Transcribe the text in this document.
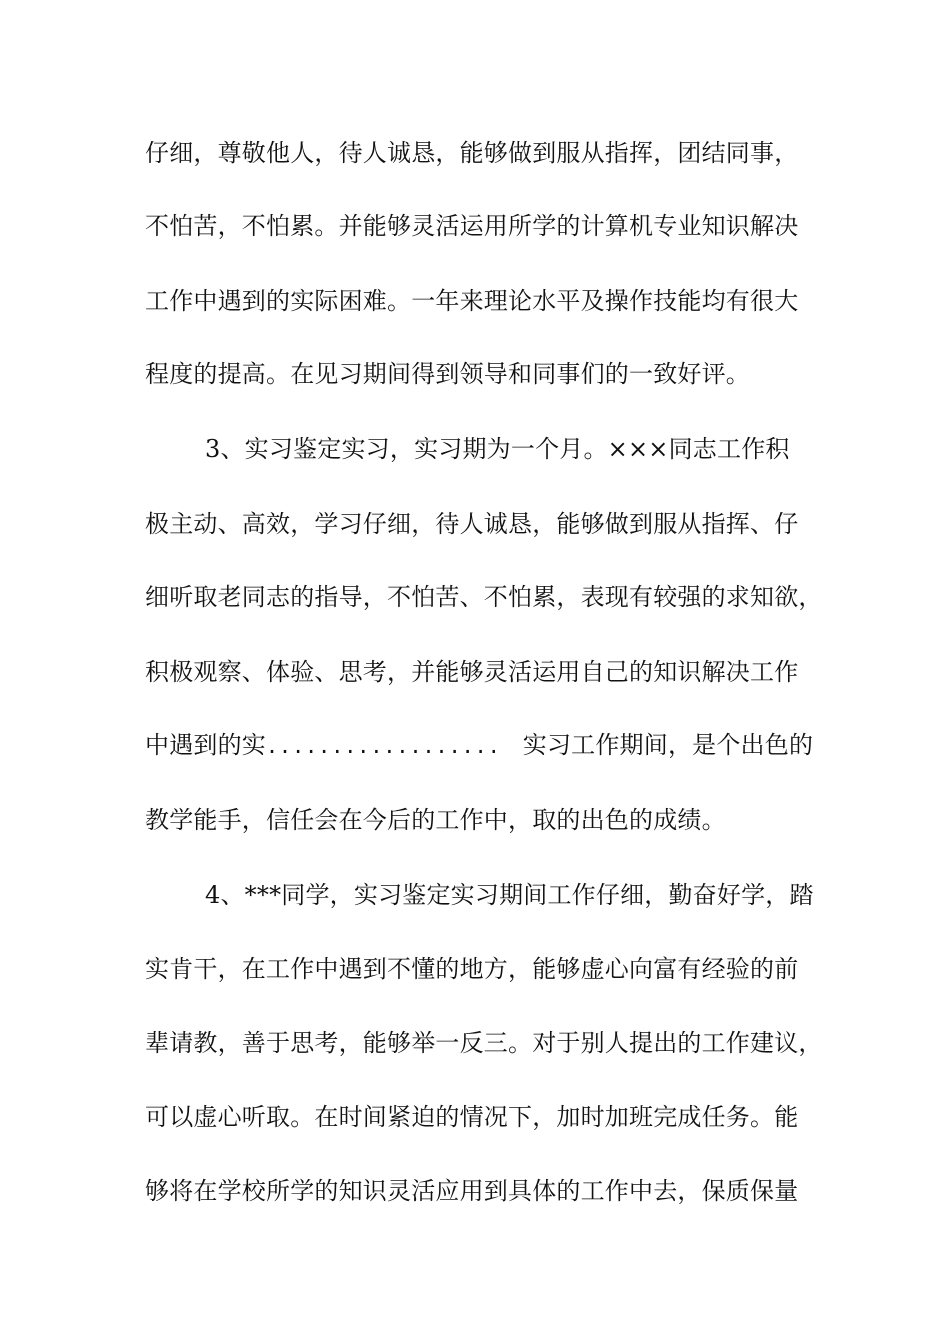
仔细，尊敬他人，待人诚恳，能够做到服从指挥，团结同事，
不怕苦，不怕累。并能够灵活运用所学的计算机专业知识解决
工作中遇到的实际困难。一年来理论水平及操作技能均有很大
程度的提高。在见习期间得到领导和同事们的一致好评。
3、实习鉴定实习，实习期为一个月。×××同志工作积
极主动、高效，学习仔细，待人诚恳，能够做到服从指挥、仔
细听取老同志的指导，不怕苦、不怕累，表现有较强的求知欲，
积极观察、体验、思考，并能够灵活运用自己的知识解决工作
中遇到的实.................. 实习工作期间，是个出色的
教学能手，信任会在今后的工作中，取的出色的成绩。
4、***同学，实习鉴定实习期间工作仔细，勤奋好学，踏
实肯干，在工作中遇到不懂的地方，能够虚心向富有经验的前
辈请教，善于思考，能够举一反三。对于别人提出的工作建议，
可以虚心听取。在时间紧迫的情况下，加时加班完成任务。能
够将在学校所学的知识灵活应用到具体的工作中去，保质保量
